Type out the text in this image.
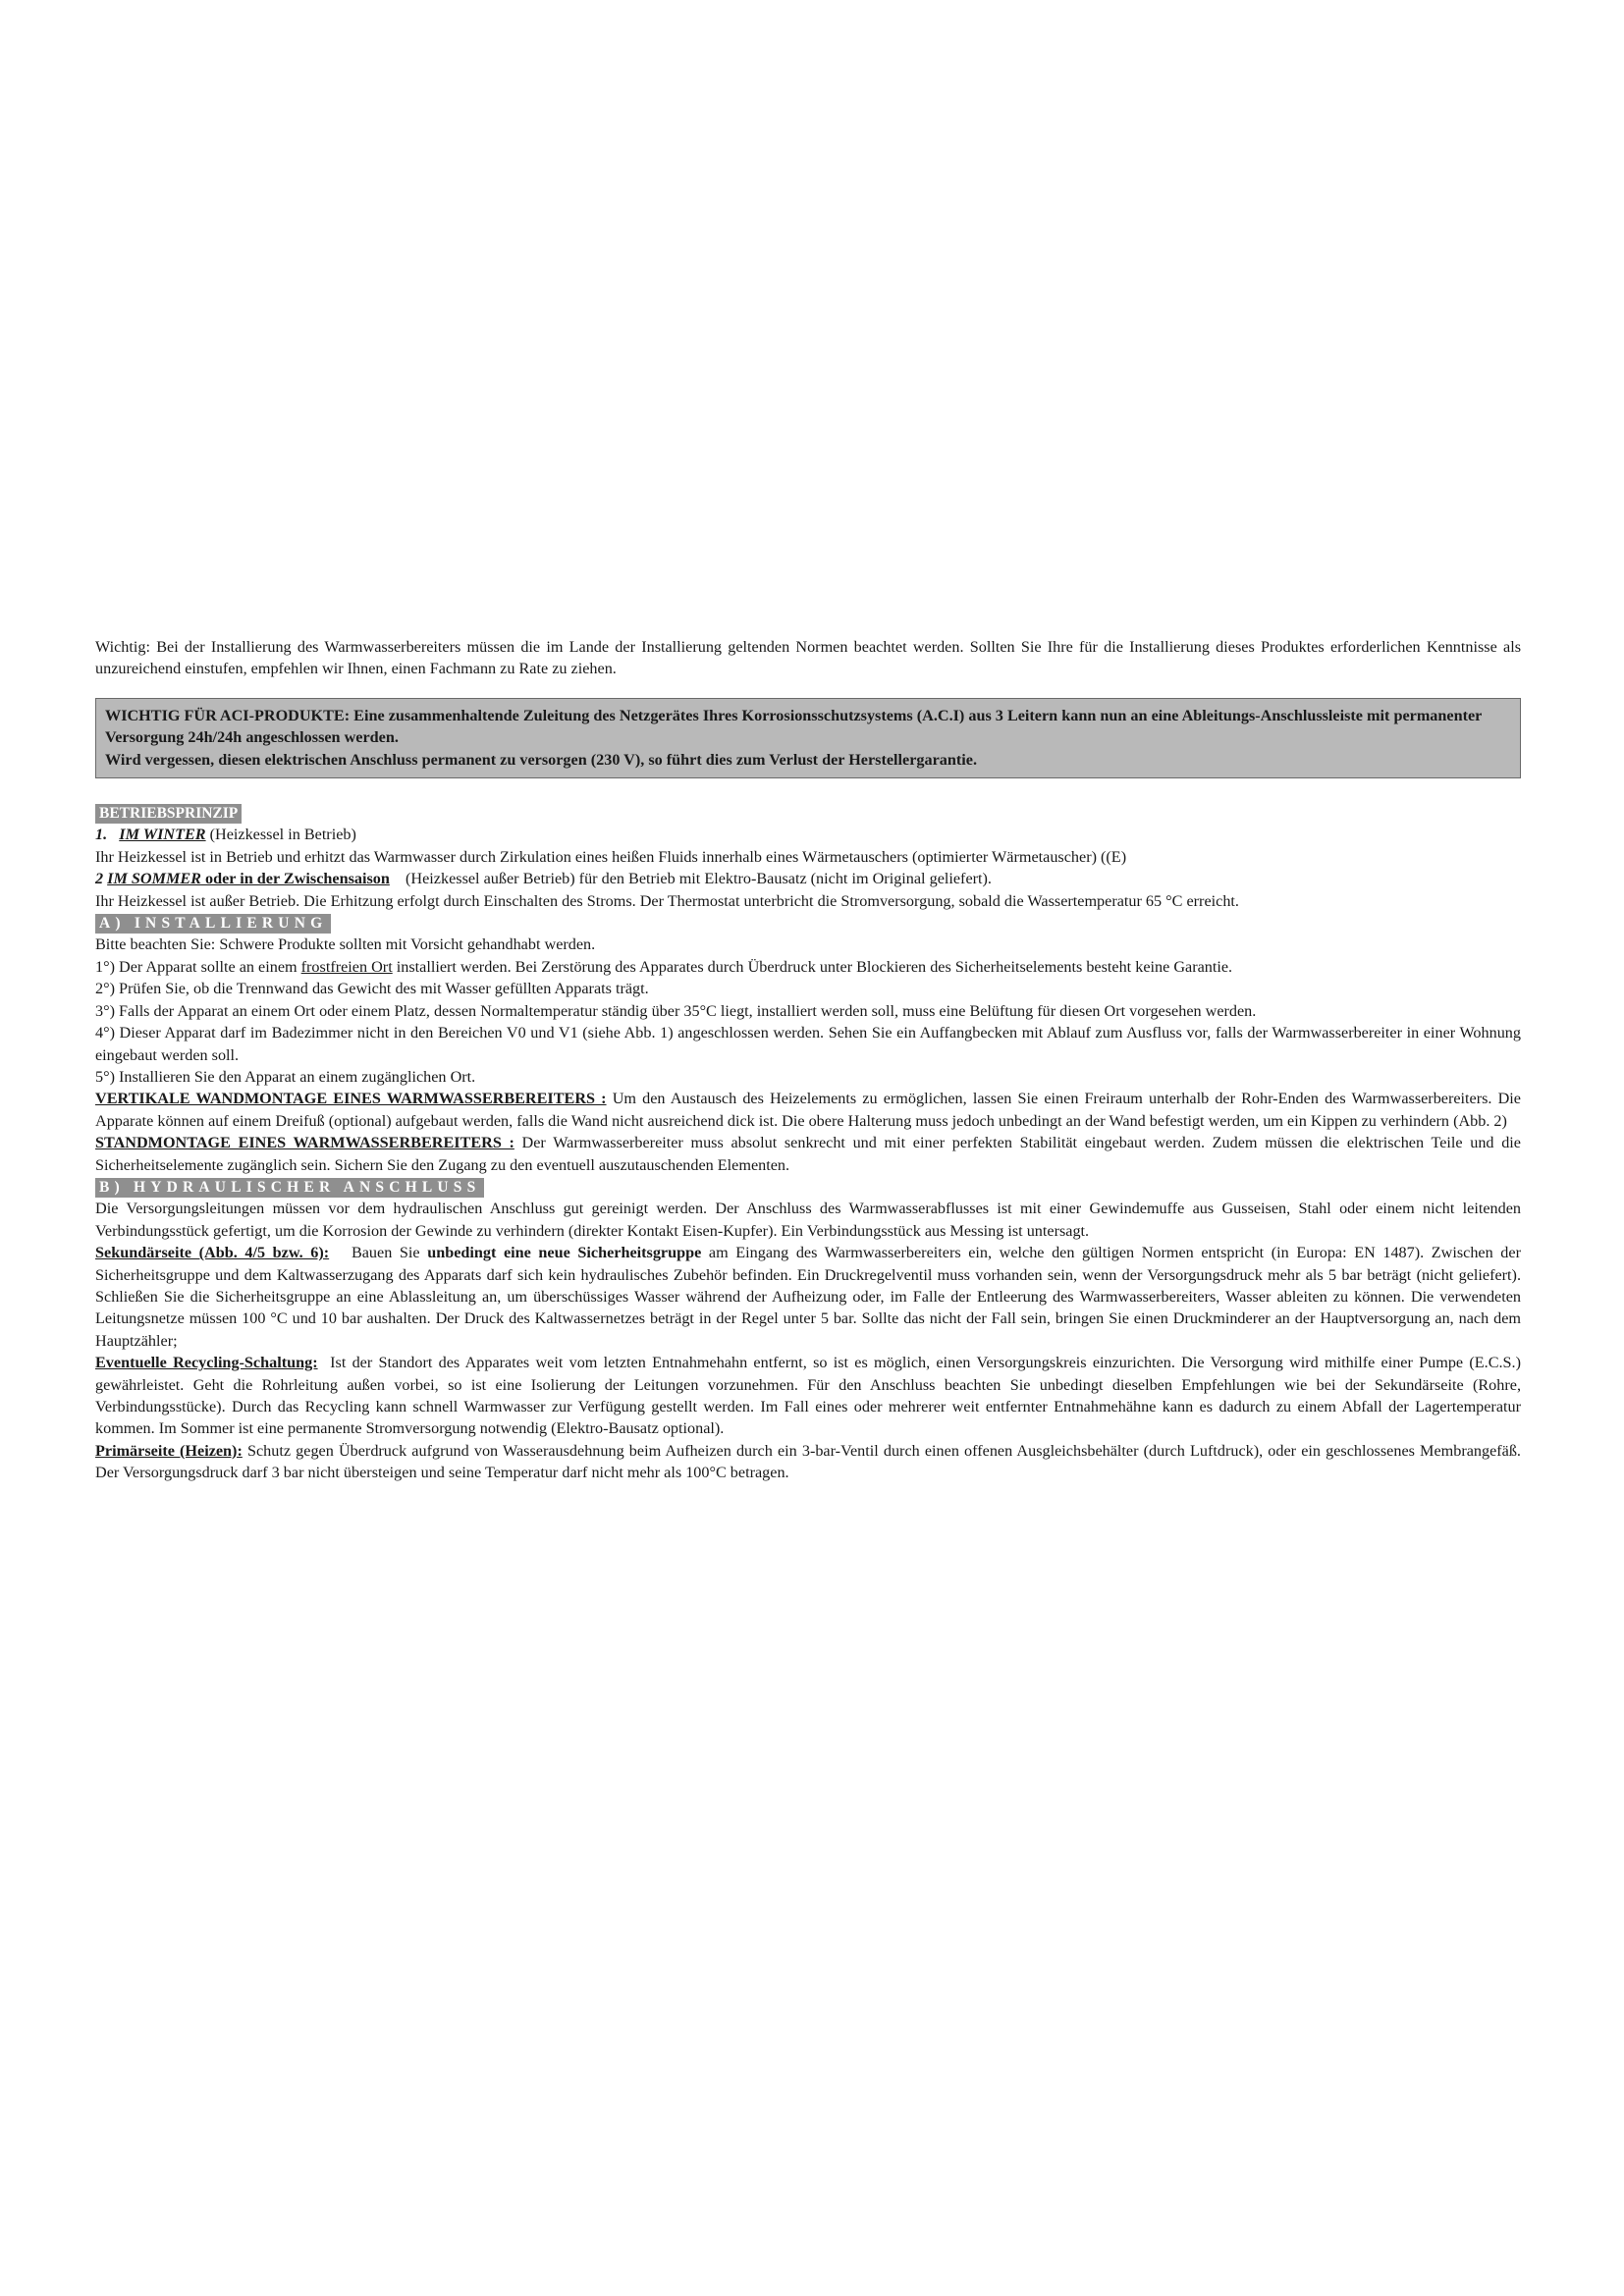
Wichtig: Bei der Installierung des Warmwasserbereiters müssen die im Lande der Installierung geltenden Normen beachtet werden. Sollten Sie Ihre für die Installierung dieses Produktes erforderlichen Kenntnisse als unzureichend einstufen, empfehlen wir Ihnen, einen Fachmann zu Rate zu ziehen.

WICHTIG FÜR ACI-PRODUKTE: Eine zusammenhaltende Zuleitung des Netzgerätes Ihres Korrosionsschutzsystems (A.C.I) aus 3 Leitern kann nun an eine Ableitungs-Anschlussleiste mit permanenter Versorgung 24h/24h angeschlossen werden.

Wird vergessen, diesen elektrischen Anschluss permanent zu versorgen (230 V), so führt dies zum Verlust der Herstellergarantie.

BETRIEBSPRINZIP

1. IM WINTER (Heizkessel in Betrieb)

Ihr Heizkessel ist in Betrieb und erhitzt das Warmwasser durch Zirkulation eines heißen Fluids innerhalb eines Wärmetauschers (optimierter Wärmetauscher) ((E)

2 IM SOMMER oder in der Zwischensaison    (Heizkessel außer Betrieb) für den Betrieb mit Elektro-Bausatz (nicht im Original geliefert).

Ihr Heizkessel ist außer Betrieb. Die Erhitzung erfolgt durch Einschalten des Stroms. Der Thermostat unterbricht die Stromversorgung, sobald die Wassertemperatur 65 °C erreicht.

A) INSTALLIERUNG

Bitte beachten Sie: Schwere Produkte sollten mit Vorsicht gehandhabt werden.

1°) Der Apparat sollte an einem frostfreien Ort installiert werden. Bei Zerstörung des Apparates durch Überdruck unter Blockieren des Sicherheitselements besteht keine Garantie.

2°) Prüfen Sie, ob die Trennwand das Gewicht des mit Wasser gefüllten Apparats trägt.

3°) Falls der Apparat an einem Ort oder einem Platz, dessen Normaltemperatur ständig über 35°C liegt, installiert werden soll, muss eine Belüftung für diesen Ort vorgesehen werden.

4°) Dieser Apparat darf im Badezimmer nicht in den Bereichen V0 und V1 (siehe Abb. 1) angeschlossen werden. Sehen Sie ein Auffangbecken mit Ablauf zum Ausfluss vor, falls der Warmwasserbereiter in einer Wohnung eingebaut werden soll.

5°) Installieren Sie den Apparat an einem zugänglichen Ort.

VERTIKALE WANDMONTAGE EINES WARMWASSERBEREITERS : Um den Austausch des Heizelements zu ermöglichen, lassen Sie einen Freiraum unterhalb der Rohr-Enden des Warmwasserbereiters. Die Apparate können auf einem Dreifuß (optional) aufgebaut werden, falls die Wand nicht ausreichend dick ist. Die obere Halterung muss jedoch unbedingt an der Wand befestigt werden, um ein Kippen zu verhindern (Abb. 2)

STANDMONTAGE EINES WARMWASSERBEREITERS : Der Warmwasserbereiter muss absolut senkrecht und mit einer perfekten Stabilität eingebaut werden. Zudem müssen die elektrischen Teile und die Sicherheitselemente zugänglich sein. Sichern Sie den Zugang zu den eventuell auszutauschenden Elementen.

B) HYDRAULISCHER ANSCHLUSS

Die Versorgungsleitungen müssen vor dem hydraulischen Anschluss gut gereinigt werden. Der Anschluss des Warmwasserabflusses ist mit einer Gewindemuffe aus Gusseisen, Stahl oder einem nicht leitenden Verbindungsstück gefertigt, um die Korrosion der Gewinde zu verhindern (direkter Kontakt Eisen-Kupfer). Ein Verbindungsstück aus Messing ist untersagt.

Sekundärseite (Abb. 4/5 bzw. 6):   Bauen Sie unbedingt eine neue Sicherheitsgruppe am Eingang des Warmwasserbereiters ein, welche den gültigen Normen entspricht (in Europa: EN 1487). Zwischen der Sicherheitsgruppe und dem Kaltwasserzugang des Apparats darf sich kein hydraulisches Zubehör befinden. Ein Druckregelventil muss vorhanden sein, wenn der Versorgungsdruck mehr als 5 bar beträgt (nicht geliefert). Schließen Sie die Sicherheitsgruppe an eine Ablassleitung an, um überschüssiges Wasser während der Aufheizung oder, im Falle der Entleerung des Warmwasserbereiters, Wasser ableiten zu können. Die verwendeten Leitungsnetze müssen 100 °C und 10 bar aushalten. Der Druck des Kaltwassernetzes beträgt in der Regel unter 5 bar. Sollte das nicht der Fall sein, bringen Sie einen Druckminderer an der Hauptversorgung an, nach dem Hauptzähler;

Eventuelle Recycling-Schaltung:  Ist der Standort des Apparates weit vom letzten Entnahmehahn entfernt, so ist es möglich, einen Versorgungskreis einzurichten. Die Versorgung wird mithilfe einer Pumpe (E.C.S.) gewährleistet. Geht die Rohrleitung außen vorbei, so ist eine Isolierung der Leitungen vorzunehmen. Für den Anschluss beachten Sie unbedingt dieselben Empfehlungen wie bei der Sekundärseite (Rohre, Verbindungsstücke). Durch das Recycling kann schnell Warmwasser zur Verfügung gestellt werden. Im Fall eines oder mehrerer weit entfernter Entnahmehähne kann es dadurch zu einem Abfall der Lagertemperatur kommen. Im Sommer ist eine permanente Stromversorgung notwendig (Elektro-Bausatz optional).

Primärseite (Heizen): Schutz gegen Überdruck aufgrund von Wasserausdehnung beim Aufheizen durch ein 3-bar-Ventil durch einen offenen Ausgleichsbehälter (durch Luftdruck), oder ein geschlossenes Membrangefäß. Der Versorgungsdruck darf 3 bar nicht übersteigen und seine Temperatur darf nicht mehr als 100°C betragen.
